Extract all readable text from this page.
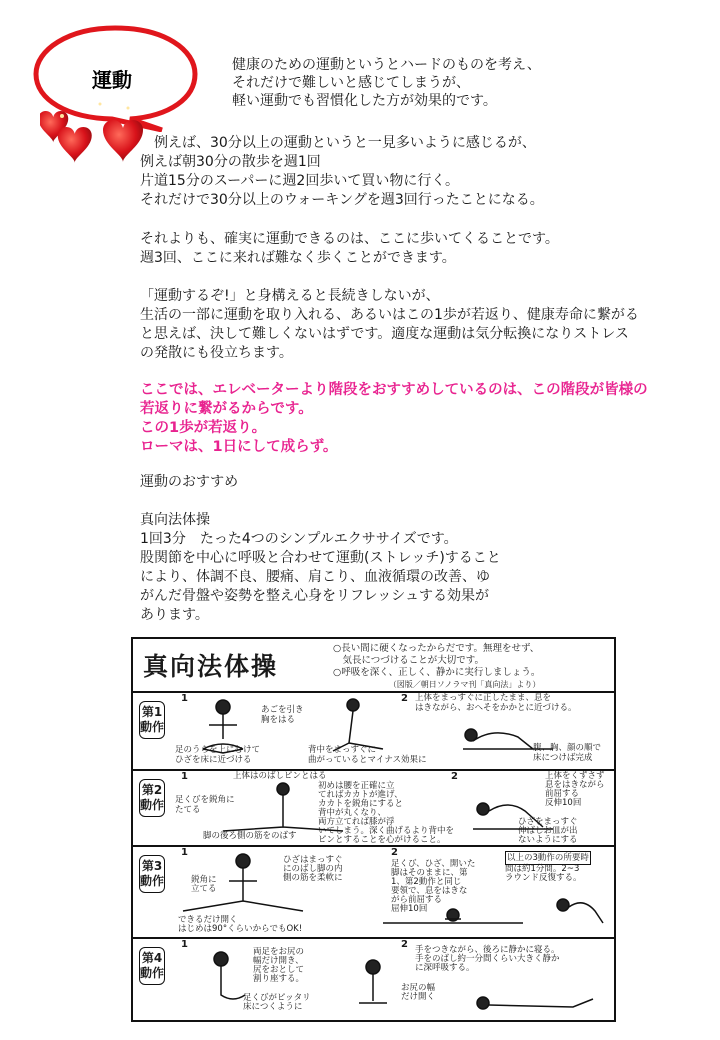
運動
健康のための運動というとハードのものを考え、
それだけで難しいと感じてしまうが、
軽い運動でも習慣化した方が効果的です。
　例えば、30分以上の運動というと一見多いように感じるが、
例えば朝30分の散歩を週1回
片道15分のスーパーに週2回歩いて買い物に行く。
それだけで30分以上のウォーキングを週3回行ったことになる。
それよりも、確実に運動できるのは、ここに歩いてくることです。
週3回、ここに来れば難なく歩くことができます。
「運動するぞ!」と身構えると長続きしないが、
生活の一部に運動を取り入れる、あるいはこの1歩が若返り、健康寿命に繋がる
と思えば、決して難しくないはずです。適度な運動は気分転換になりストレス
の発散にも役立ちます。
ここでは、エレベーターより階段をおすすめしているのは、この階段が皆様の
若返りに繋がるからです。
この1歩が若返り。
ローマは、1日にして成らず。
運動のおすすめ
真向法体操
1回3分　たった4つのシンプルエクササイズです。
股関節を中心に呼吸と合わせて運動(ストレッチ)すること
により、体調不良、腰痛、肩こり、血液循環の改善、ゆ
がんだ骨盤や姿勢を整え心身をリフレッシュする効果が
あります。
真向法体操
○長い間に硬くなったからだです。無理をせず、
　気長につづけることが大切です。
○呼吸を深く、正しく、静かに実行しましょう。
（図版／朝日ソノラマ刊「真向法」より）
第1動作
1	2
あごを引き
胸をはる
足のうらを上にむけて
ひざを床に近づける
背中をまっすぐに
曲がっているとマイナス効果に
上体をまっすぐに正したまま、息を
はきながら、おへそをかかとに近づける。
腹、胸、顔の順で
床につけば完成
第2動作
1	2
上体はのばしピンとはる
足くびを鋭角に
たてる
脚の後ろ側の筋をのばす
初めは腰を正確に立
てればカカトが進げ、
カカトを鋭角にすると
背中が丸くなり、
両方立てれば膝が浮
いてしまう。深く曲げるより背中を
ピンとすることを心がけること。
上体をくずさず
息をはきながら
前屈する
反伸10回
ひざをまっすぐ
伸ばしお皿が出
ないようにする
第3動作
1	2
ひざはまっすぐ
にのばし脚の内
側の筋を柔軟に
鋭角に
立てる
できるだけ開く
はじめは90°くらいからでもOK!
足くび、ひざ、開いた
脚はそのままに、第
1、第2動作と同じ
要領で、息をはきな
がら前屈する
屈伸10回
以上の3動作の所要時
間は約1分間。2~3
ラウンド反復する。
第4動作
1	2
両足をお尻の
幅だけ開き、
尻をおとして
割り座する。
足くびがピッタリ
床につくように
手をつきながら、後ろに静かに寝る。
手をのばし約一分間くらい大きく静か
に深呼吸する。
お尻の幅
だけ開く
